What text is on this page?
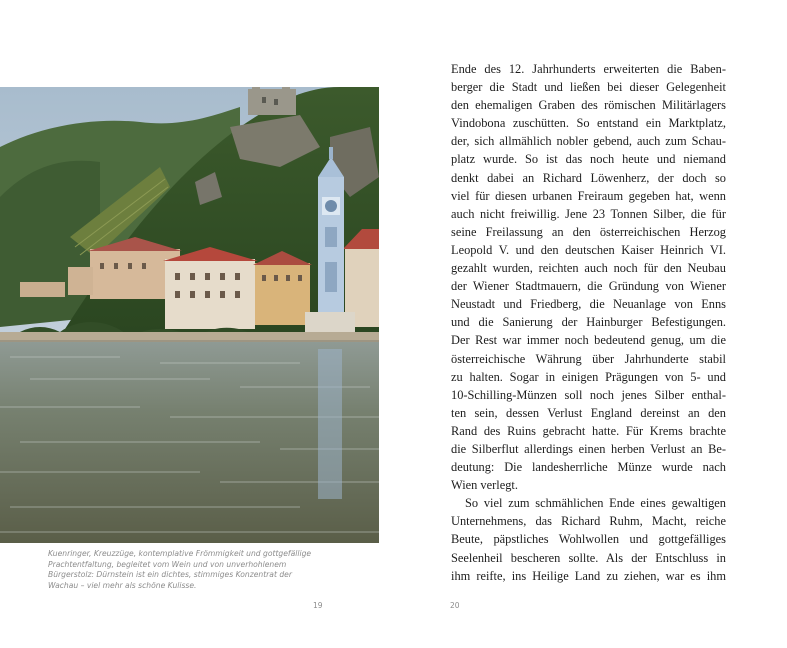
Kuenringer, Kreuzzüge, kontemplative Frömmigkeit und gottgefällige
Prachtentfaltung, begleitet vom Wein und von unverhohlenem
Bürgerstolz: Dürnstein ist ein dichtes, stimmiges Konzentrat der
Wachau – viel mehr als schöne Kulisse.
19	20
Ende des 12. Jahrhunderts erweiterten die Baben-
berger die Stadt und ließen bei dieser Gelegenheit
den ehemaligen Graben des römischen Militärlagers
Vindobona zuschütten. So entstand ein Marktplatz,
der, sich allmählich nobler gebend, auch zum Schau-
platz wurde. So ist das noch heute und niemand
denkt dabei an Richard Löwenherz, der doch so
viel für diesen urbanen Freiraum gegeben hat, wenn
auch nicht freiwillig. Jene 23 Tonnen Silber, die für
seine Freilassung an den österreichischen Herzog
Leopold V. und den deutschen Kaiser Heinrich VI.
gezahlt wurden, reichten auch noch für den Neubau
der Wiener Stadtmauern, die Gründung von Wiener
Neustadt und Friedberg, die Neuanlage von Enns
und die Sanierung der Hainburger Befestigungen.
Der Rest war immer noch bedeutend genug, um die
österreichische Währung über Jahrhunderte stabil
zu halten. Sogar in einigen Prägungen von 5- und
10-Schilling-Münzen soll noch jenes Silber enthal-
ten sein, dessen Verlust England dereinst an den
Rand des Ruins gebracht hatte. Für Krems brachte
die Silberflut allerdings einen herben Verlust an Be-
deutung: Die landesherrliche Münze wurde nach
Wien verlegt.
So viel zum schmählichen Ende eines gewaltigen
Unternehmens, das Richard Ruhm, Macht, reiche
Beute, päpstliches Wohlwollen und gottgefälliges
Seelenheil bescheren sollte. Als der Entschluss in
ihm reifte, ins Heilige Land zu ziehen, war es ihm
